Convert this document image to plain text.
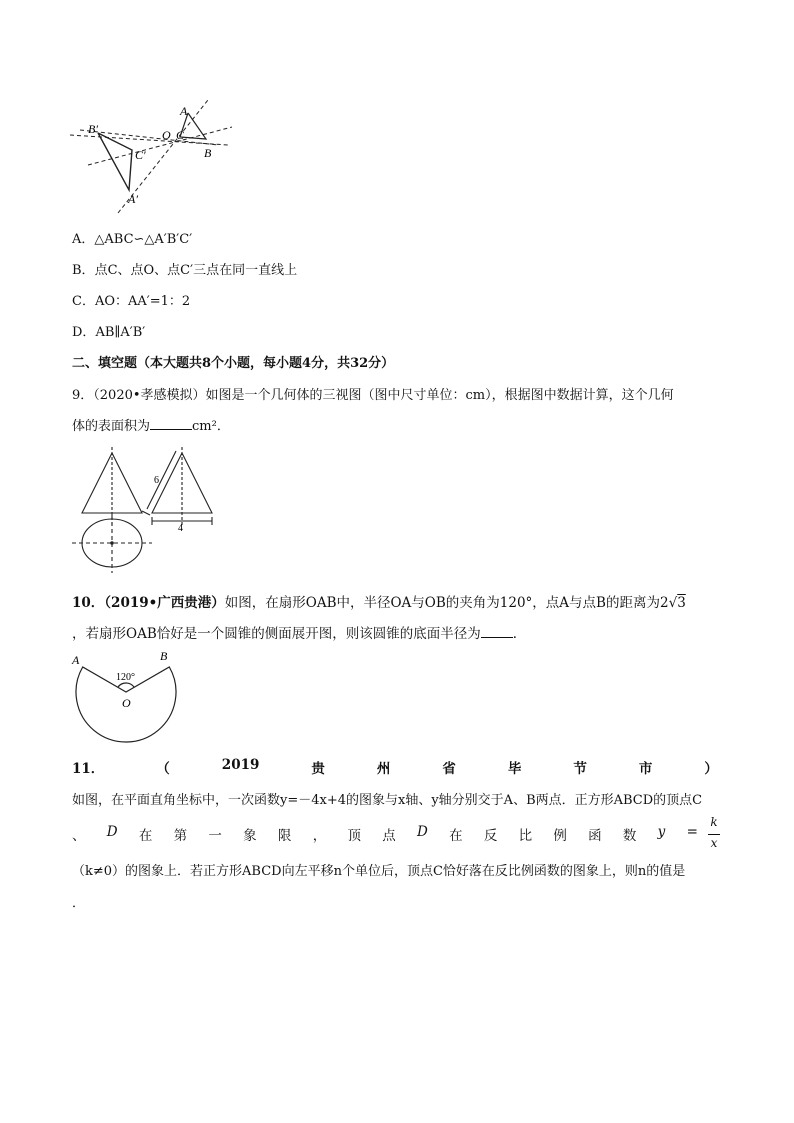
B′
C′
A′
O C
A
B
A．△ABC∽△A′B′C′
B．点C、点O、点C′三点在同一直线上
C．AO：AA′=1：2
D．AB∥A′B′
二、填空题（本大题共8个小题，每小题4分，共32分）
9．（2020•孝感模拟）如图是一个几何体的三视图（图中尺寸单位：cm），根据图中数据计算，这个几何
体的表面积为	cm²．
6
4
10．（2019•广西贵港）如图，在扇形OAB中，半径OA与OB的夹角为120°，点A与点B的距离为2√3
，若扇形OAB恰好是一个圆锥的侧面展开图，则该圆锥的底面半径为 ．
A	B
O
120°
11．	（	2019	贵	州	省	毕	节	市	）
如图，在平面直角坐标中，一次函数y=－4x+4的图象与x轴、y轴分别交于A、B两点．正方形ABCD的顶点C
、 D 在 第 一 象 限 ， 顶 点 D 在 反 比 例 函 数 y =
k
x
（k≠0）的图象上．若正方形ABCD向左平移n个单位后，顶点C恰好落在反比例函数的图象上，则n的值是
．
